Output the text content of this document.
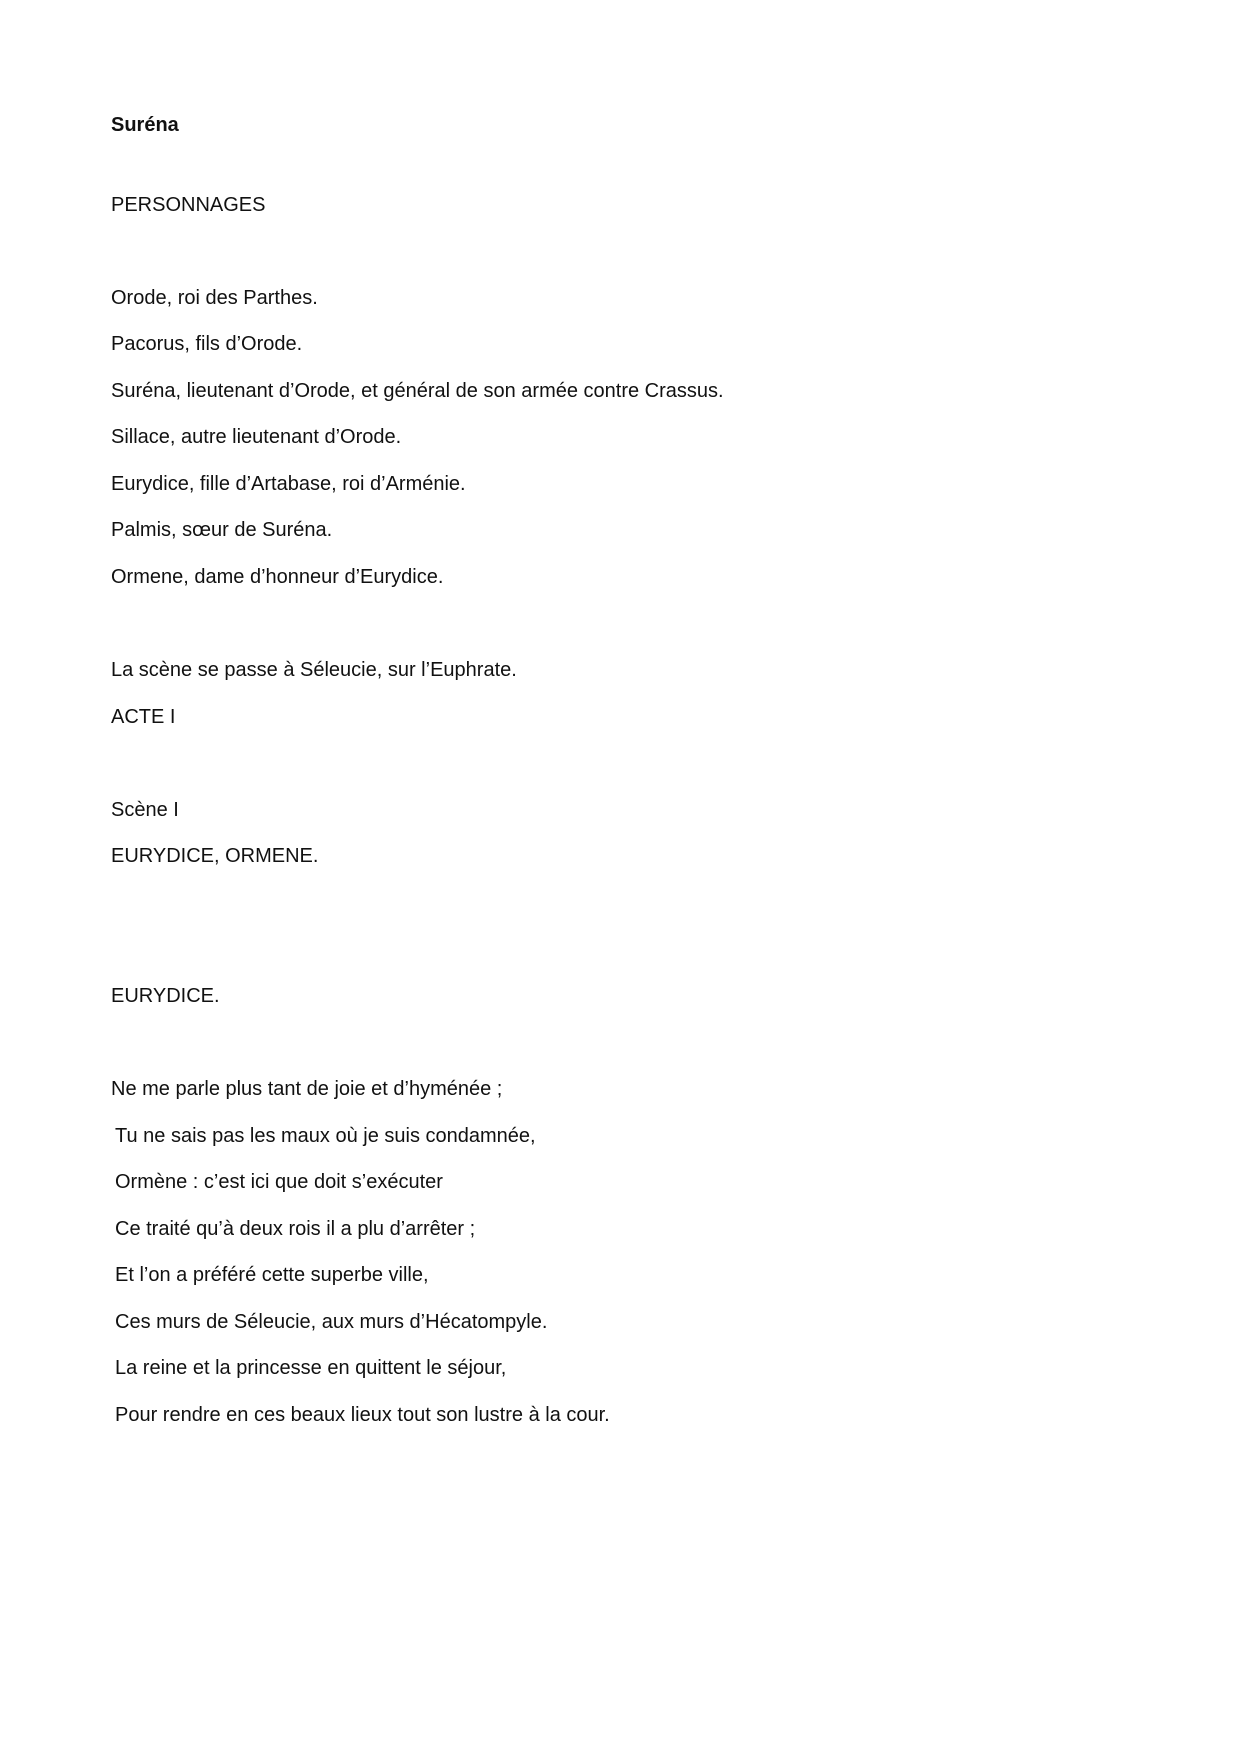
Suréna

PERSONNAGES

Orode, roi des Parthes.

Pacorus, fils d’Orode.

Suréna, lieutenant d’Orode, et général de son armée contre Crassus.

Sillace, autre lieutenant d’Orode.

Eurydice, fille d’Artabase, roi d’Arménie.

Palmis, sœur de Suréna.

Ormene, dame d’honneur d’Eurydice.

La scène se passe à Séleucie, sur l’Euphrate.

ACTE I

Scène I

EURYDICE, ORMENE.

EURYDICE.

Ne me parle plus tant de joie et d’hyménée ;

Tu ne sais pas les maux où je suis condamnée,

Ormène : c’est ici que doit s’exécuter

Ce traité qu’à deux rois il a plu d’arrêter ;

Et l’on a préféré cette superbe ville,

Ces murs de Séleucie, aux murs d’Hécatompyle.

La reine et la princesse en quittent le séjour,

Pour rendre en ces beaux lieux tout son lustre à la cour.
